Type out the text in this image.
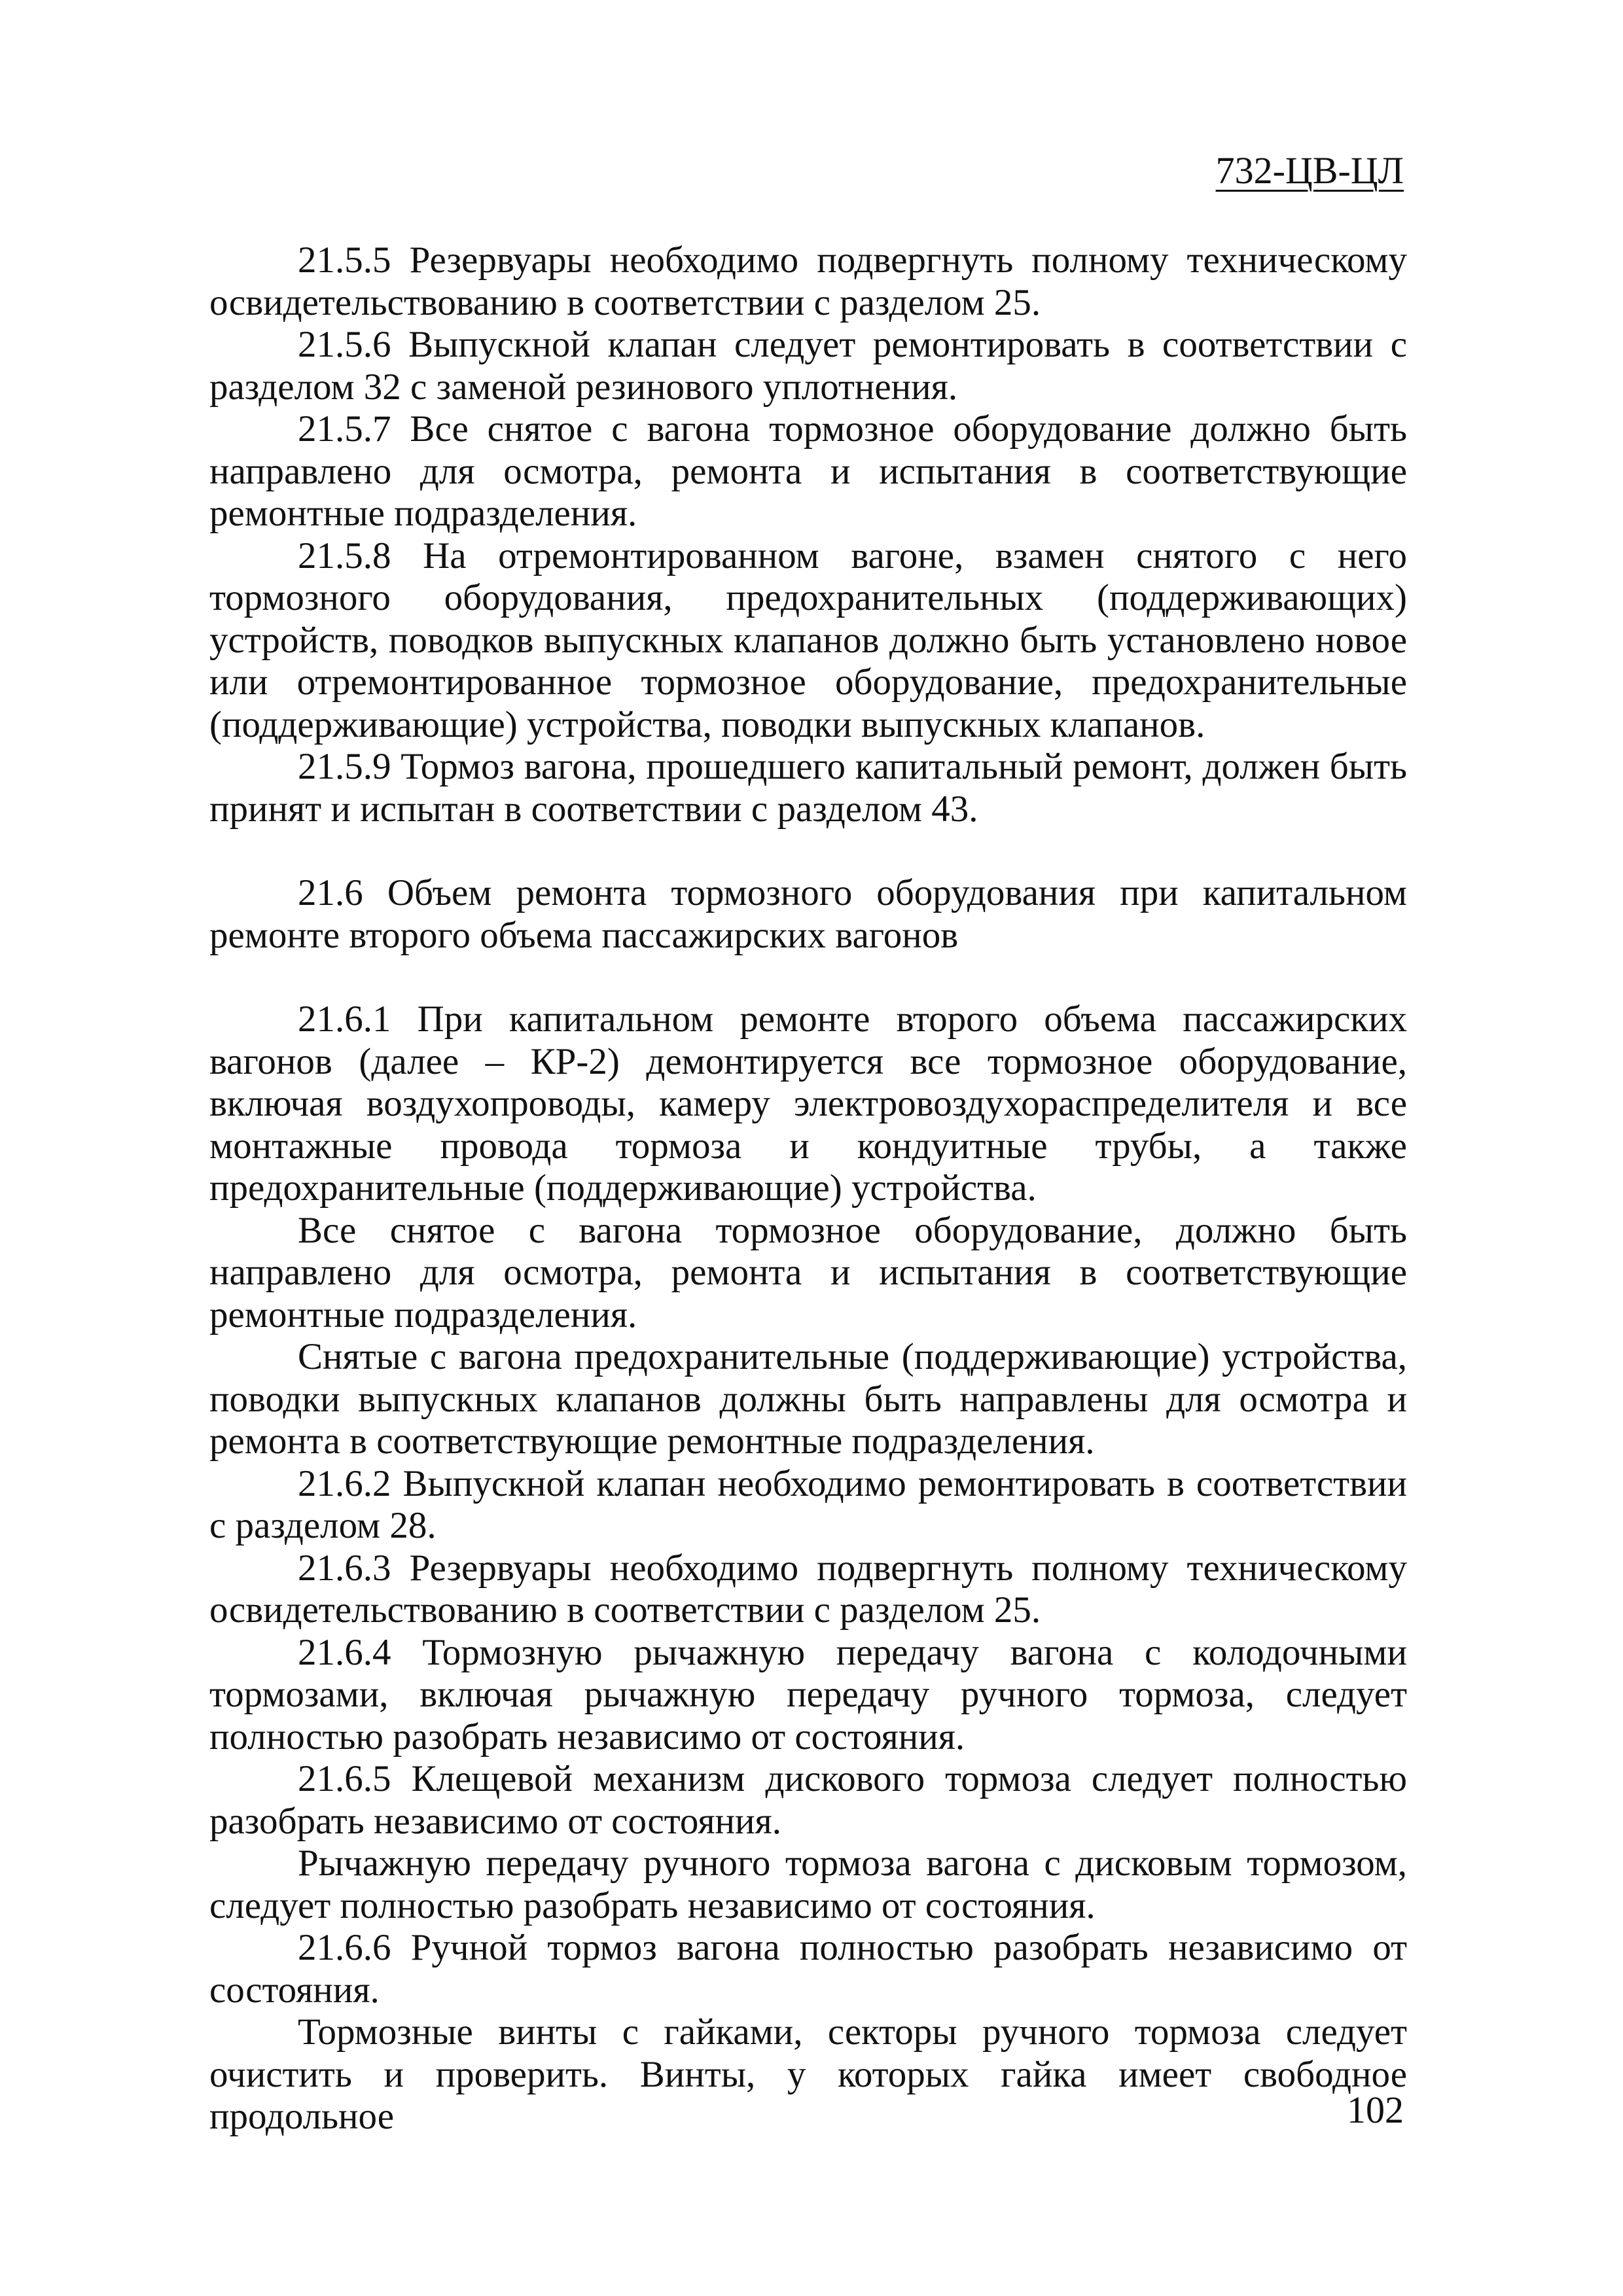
732-ЦВ-ЦЛ

21.5.5 Резервуары необходимо подвергнуть полному техническому освидетельствованию в соответствии с разделом 25.

21.5.6 Выпускной клапан следует ремонтировать в соответствии с разделом 32 с заменой резинового уплотнения.

21.5.7 Все снятое с вагона тормозное оборудование должно быть направлено для осмотра, ремонта и испытания в соответствующие ремонтные подразделения.

21.5.8 На отремонтированном вагоне, взамен снятого с него тормозного оборудования, предохранительных (поддерживающих) устройств, поводков выпускных клапанов должно быть установлено новое или отремонтированное тормозное оборудование, предохранительные (поддерживающие) устройства, поводки выпускных клапанов.

21.5.9 Тормоз вагона, прошедшего капитальный ремонт, должен быть принят и испытан в соответствии с разделом 43.

21.6 Объем ремонта тормозного оборудования при капитальном ремонте второго объема пассажирских вагонов

21.6.1 При капитальном ремонте второго объема пассажирских вагонов (далее – КР-2) демонтируется все тормозное оборудование, включая воздухопроводы, камеру электровоздухораспределителя и все монтажные провода тормоза и кондуитные трубы, а также предохранительные (поддерживающие) устройства.

Все снятое с вагона тормозное оборудование, должно быть направлено для осмотра, ремонта и испытания в соответствующие ремонтные подразделения.

Снятые с вагона предохранительные (поддерживающие) устройства, поводки выпускных клапанов должны быть направлены для осмотра и ремонта в соответствующие ремонтные подразделения.

21.6.2 Выпускной клапан необходимо ремонтировать в соответствии с разделом 28.

21.6.3 Резервуары необходимо подвергнуть полному техническому освидетельствованию в соответствии с разделом 25.

21.6.4 Тормозную рычажную передачу вагона с колодочными тормозами, включая рычажную передачу ручного тормоза, следует полностью разобрать независимо от состояния.

21.6.5 Клещевой механизм дискового тормоза следует полностью разобрать независимо от состояния.

Рычажную передачу ручного тормоза вагона с дисковым тормозом, следует полностью разобрать независимо от состояния.

21.6.6 Ручной тормоз вагона полностью разобрать независимо от состояния.

Тормозные винты с гайками, секторы ручного тормоза следует очистить и проверить. Винты, у которых гайка имеет свободное продольное	102
